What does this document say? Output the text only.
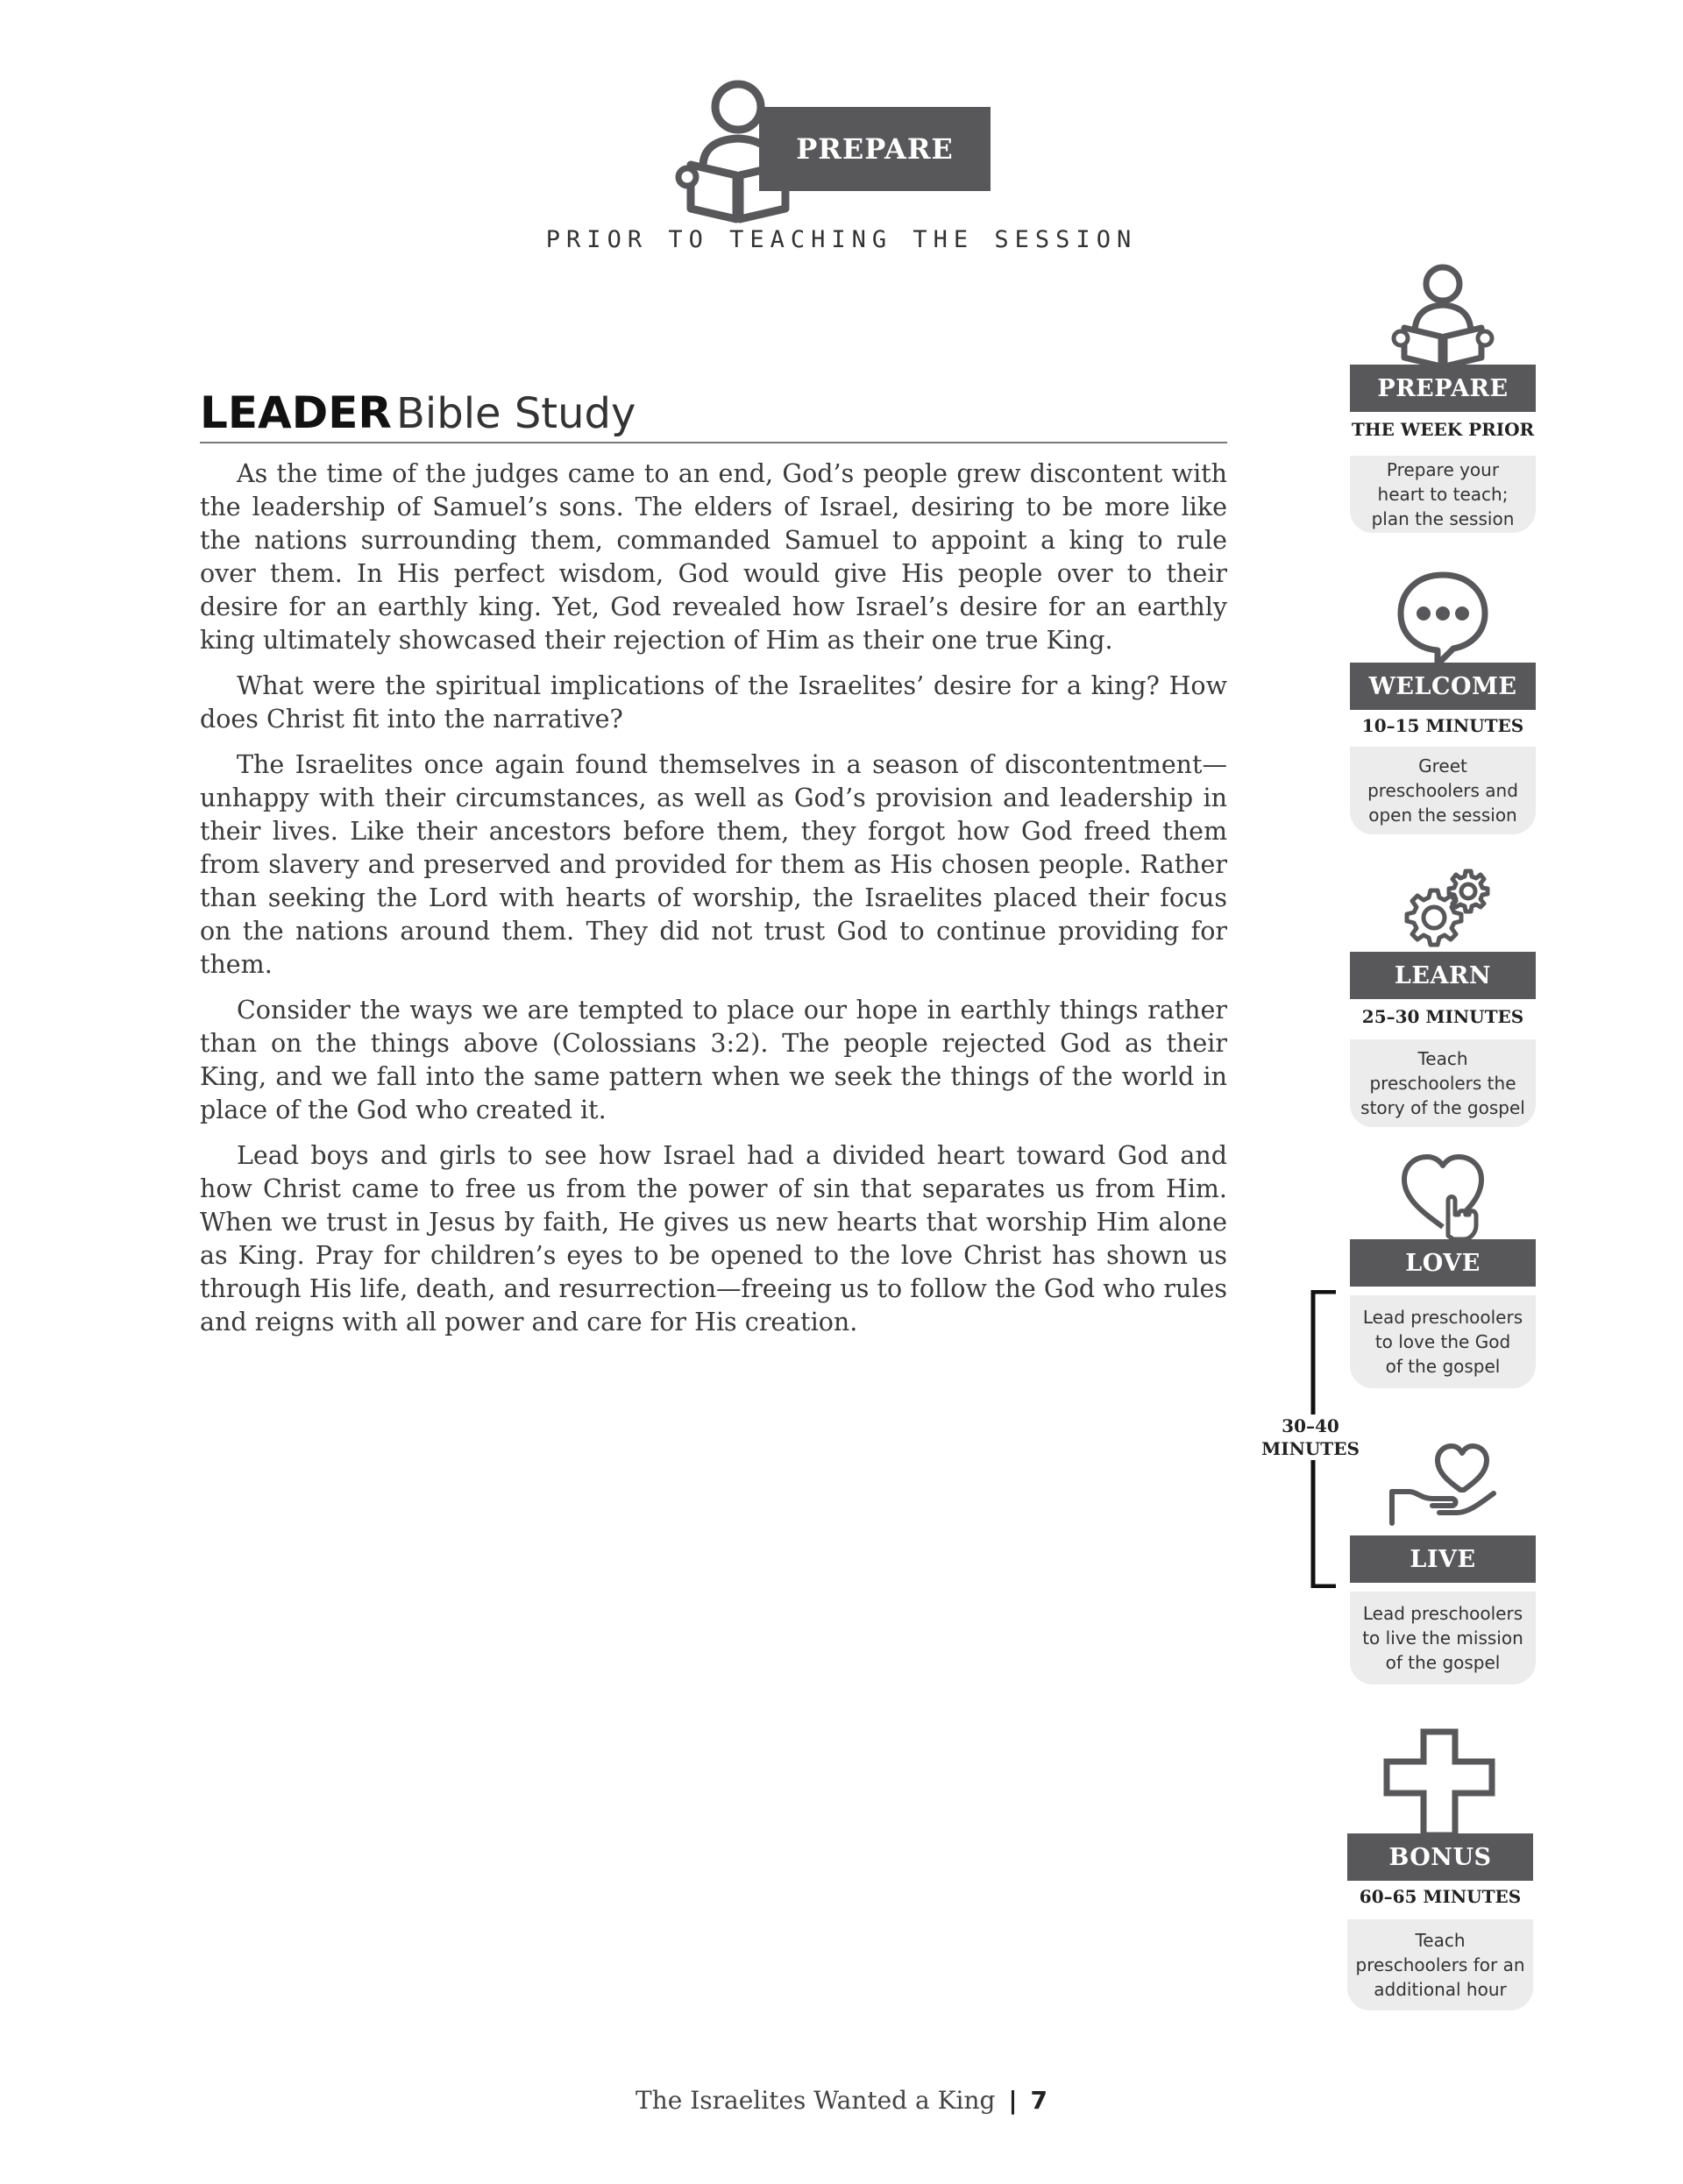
PREPARE
PRIOR TO TEACHING THE SESSION
LEADER Bible Study

As the time of the judges came to an end, God’s people grew discontent with the leadership of Samuel’s sons. The elders of Israel, desiring to be more like the nations surrounding them, commanded Samuel to appoint a king to rule over them. In His perfect wisdom, God would give His people over to their desire for an earthly king. Yet, God revealed how Israel’s desire for an earthly king ultimately showcased their rejection of Him as their one true King.

What were the spiritual implications of the Israelites’ desire for a king? How does Christ fit into the narrative?

The Israelites once again found themselves in a season of discontentment—unhappy with their circumstances, as well as God’s provision and leadership in their lives. Like their ancestors before them, they forgot how God freed them from slavery and preserved and provided for them as His chosen people. Rather than seeking the Lord with hearts of worship, the Israelites placed their focus on the nations around them. They did not trust God to continue providing for them.

Consider the ways we are tempted to place our hope in earthly things rather than on the things above (Colossians 3:2). The people rejected God as their King, and we fall into the same pattern when we seek the things of the world in place of the God who created it.

Lead boys and girls to see how Israel had a divided heart toward God and how Christ came to free us from the power of sin that separates us from Him. When we trust in Jesus by faith, He gives us new hearts that worship Him alone as King. Pray for children’s eyes to be opened to the love Christ has shown us through His life, death, and resurrection—freeing us to follow the God who rules and reigns with all power and care for His creation.

PREPARE
THE WEEK PRIOR
Prepare your
heart to teach;
plan the session
WELCOME
10–15 MINUTES
Greet
preschoolers and
open the session
LEARN
25–30 MINUTES
Teach
preschoolers the
story of the gospel
LOVE
Lead preschoolers
to love the God
of the gospel
30–40
MINUTES
LIVE
Lead preschoolers
to live the mission
of the gospel
BONUS
60–65 MINUTES
Teach
preschoolers for an
additional hour
The Israelites Wanted a King | 7
